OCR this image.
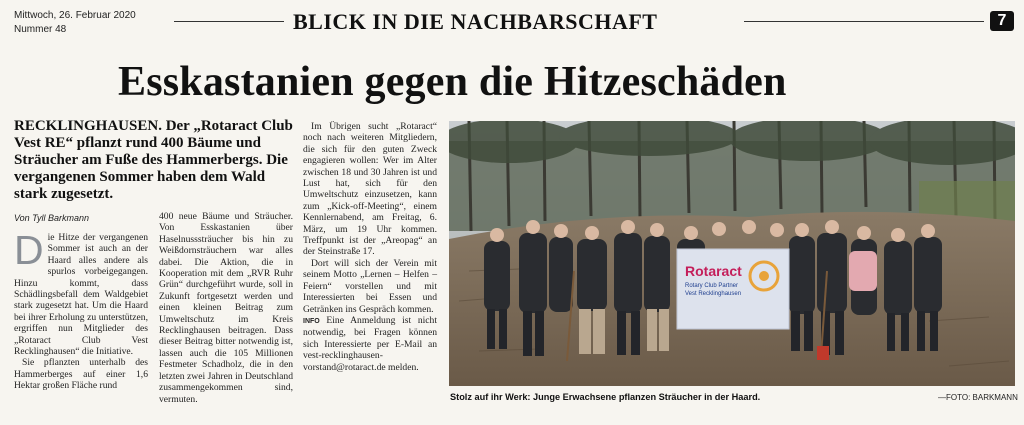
Mittwoch, 26. Februar 2020
Nummer 48	BLICK IN DIE NACHBARSCHAFT	7
Esskastanien gegen die Hitzeschäden
RECKLINGHAUSEN. Der „Rotaract Club Vest RE“ pflanzt rund 400 Bäume und Sträucher am Fuße des Hammerbergs. Die vergangenen Sommer haben dem Wald stark zugesetzt.
Von Tyll Barkmann

Die Hitze der vergangenen Sommer ist auch an der Haard alles andere als spurlos vorbeigegangen. Hinzu kommt, dass Schädlingsbefall dem Waldgebiet stark zugesetzt hat. Um die Haard bei ihrer Erholung zu unterstützen, ergriffen nun Mitglieder des „Rotaract Club Vest Recklinghausen“ die Initiative.

Sie pflanzten unterhalb des Hammerberges auf einer 1,6 Hektar großen Fläche rund

400 neue Bäume und Sträucher. Von Esskastanien über Haselnusssträucher bis hin zu Weißdornsträuchern war alles dabei. Die Aktion, die in Kooperation mit dem „RVR Ruhr Grün“ durchgeführt wurde, soll in Zukunft fortgesetzt werden und einen kleinen Beitrag zum Umweltschutz im Kreis Recklinghausen beitragen. Dass dieser Beitrag bitter notwendig ist, lassen auch die 105 Millionen Festmeter Schadholz, die in den letzten zwei Jahren in Deutschland zusammengekommen sind, vermuten.

Im Übrigen sucht „Rotaract“ noch nach weiteren Mitgliedern, die sich für den guten Zweck engagieren wollen: Wer im Alter zwischen 18 und 30 Jahren ist und Lust hat, sich für den Umweltschutz einzusetzen, kann zum „Kick-off-Meeting“, einem Kennlernabend, am Freitag, 6. März, um 19 Uhr kommen. Treffpunkt ist der „Areopag“ an der Steinstraße 17.

Dort will sich der Verein mit seinem Motto „Lernen – Helfen – Feiern“ vorstellen und mit Interessierten bei Essen und Getränken ins Gespräch kommen.

INFO Eine Anmeldung ist nicht notwendig, bei Fragen können sich Interessierte per E-Mail an vest-recklinghausen-vorstand@rotaract.de melden.

Rotaract
Rotary Club Partner
Vest Recklinghausen
Stolz auf ihr Werk: Junge Erwachsene pflanzen Sträucher in der Haard.	—FOTO: BARKMANN
